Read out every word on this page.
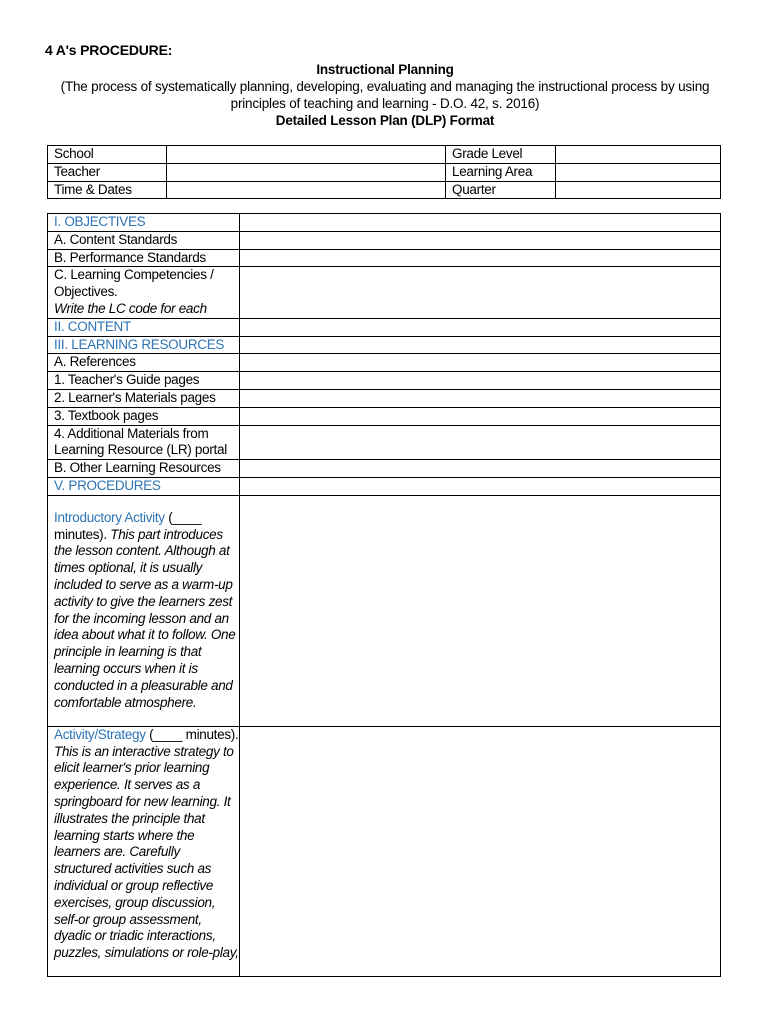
4 A's PROCEDURE:
Instructional Planning
(The process of systematically planning, developing, evaluating and managing the instructional process by using principles of teaching and learning - D.O. 42, s. 2016)
Detailed Lesson Plan (DLP) Format
School		Grade Level	
Teacher		Learning Area	
Time & Dates		Quarter	
I. OBJECTIVES	
A. Content Standards	
B. Performance Standards	

C. Learning Competencies / Objectives.
Write the LC code for each	

II. CONTENT	
III. LEARNING RESOURCES	
A. References	
1. Teacher's Guide pages	
2. Learner's Materials pages	
3. Textbook pages	
4. Additional Materials from Learning Resource (LR) portal	
B. Other Learning Resources	
V. PROCEDURES	
Introductory Activity (____ minutes). This part introduces the lesson content. Although at times optional, it is usually included to serve as a warm-up activity to give the learners zest for the incoming lesson and an idea about what it to follow. One principle in learning is that learning occurs when it is conducted in a pleasurable and comfortable atmosphere.	
Activity/Strategy (____ minutes). This is an interactive strategy to elicit learner's prior learning experience. It serves as a springboard for new learning. It illustrates the principle that learning starts where the learners are. Carefully structured activities such as individual or group reflective exercises, group discussion, self-or group assessment, dyadic or triadic interactions, puzzles, simulations or role-play,	
